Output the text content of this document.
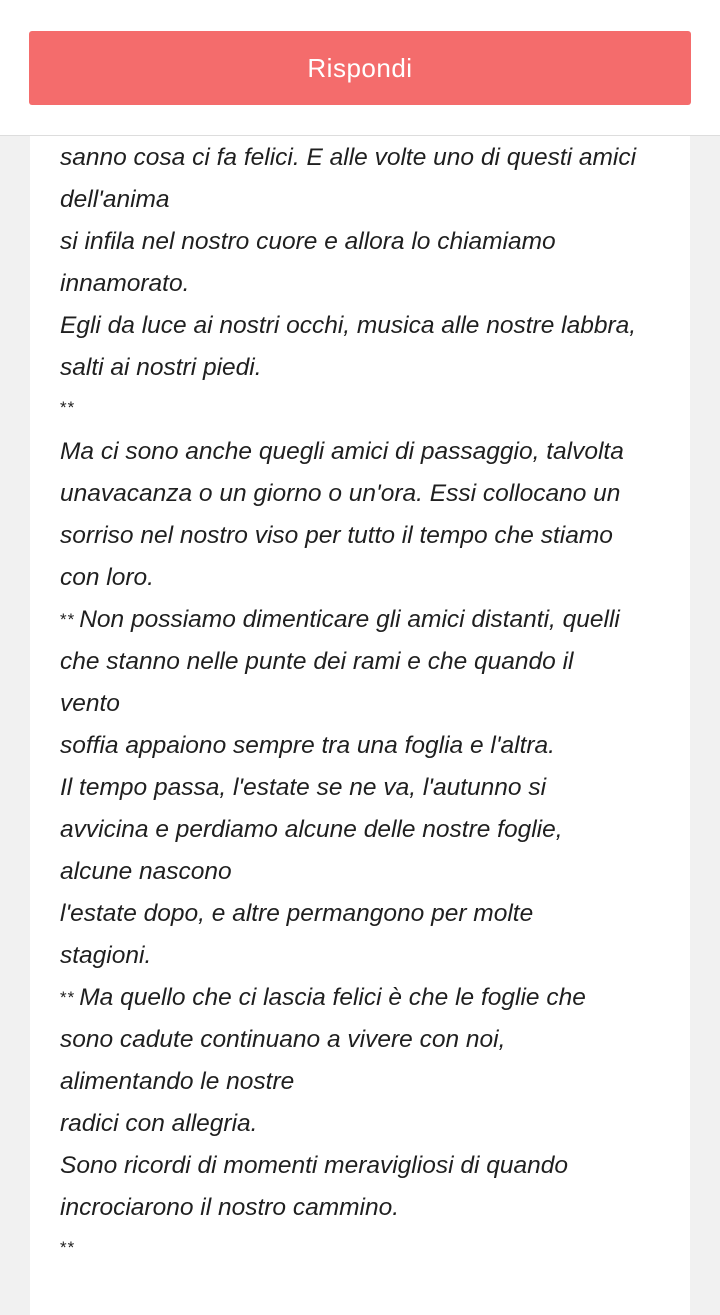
Rispondi
sanno cosa ci fa felici. E alle volte uno di questi amici
dell'anima
si infila nel nostro cuore e allora lo chiamiamo
innamorato.
Egli da luce ai nostri occhi, musica alle nostre labbra,
salti ai nostri piedi.
**
Ma ci sono anche quegli amici di passaggio, talvolta
unavacanza o un giorno o un'ora. Essi collocano un
sorriso nel nostro viso per tutto il tempo che stiamo
con loro.
** Non possiamo dimenticare gli amici distanti, quelli
che stanno nelle punte dei rami e che quando il
vento
soffia appaiono sempre tra una foglia e l'altra.
Il tempo passa, l'estate se ne va, l'autunno si
avvicina e perdiamo alcune delle nostre foglie,
alcune nascono
l'estate dopo, e altre permangono per molte
stagioni.
** Ma quello che ci lascia felici è che le foglie che
sono cadute continuano a vivere con noi,
alimentando le nostre
radici con allegria.
Sono ricordi di momenti meravigliosi di quando
incrociarono il nostro cammino.
**
